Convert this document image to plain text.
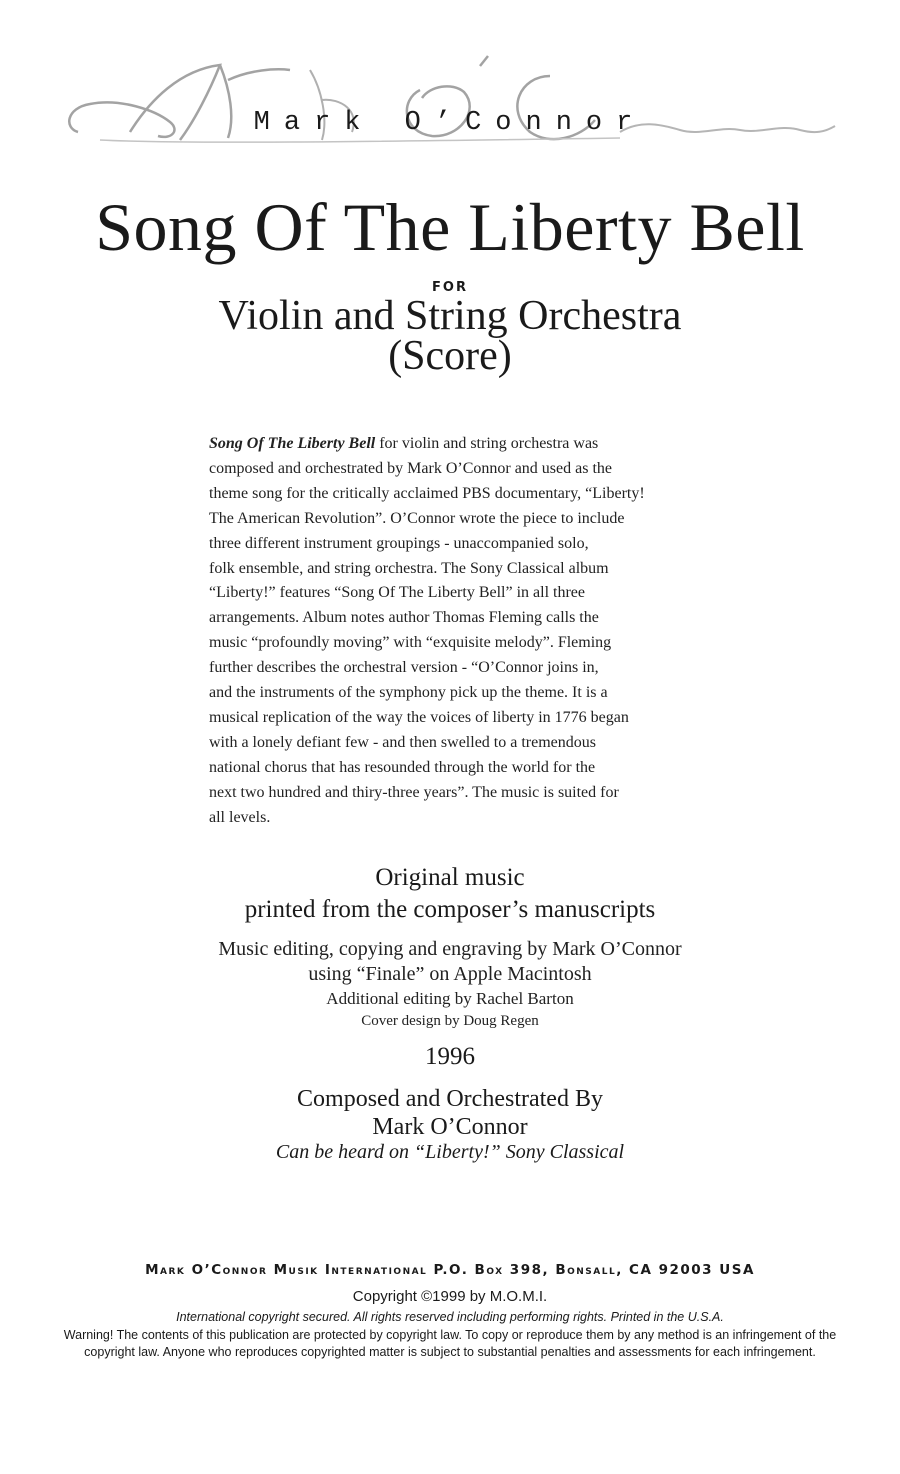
Mark O’Connor
Song Of The Liberty Bell
FOR
Violin and String Orchestra
(Score)

Song Of The Liberty Bell for violin and string orchestra was
composed and orchestrated by Mark O’Connor and used as the
theme song for the critically acclaimed PBS documentary, “Liberty!
The American Revolution”. O’Connor wrote the piece to include
three different instrument groupings - unaccompanied solo,
folk ensemble, and string orchestra. The Sony Classical album
“Liberty!” features “Song Of The Liberty Bell” in all three
arrangements. Album notes author Thomas Fleming calls the
music “profoundly moving” with “exquisite melody”. Fleming
further describes the orchestral version - “O’Connor joins in,
and the instruments of the symphony pick up the theme. It is a
musical replication of the way the voices of liberty in 1776 began
with a lonely defiant few - and then swelled to a tremendous
national chorus that has resounded through the world for the
next two hundred and thiry-three years”. The music is suited for
all levels.

Original music
printed from the composer’s manuscripts
Music editing, copying and engraving by Mark O’Connor
using “Finale” on Apple Macintosh
Additional editing by Rachel Barton
Cover design by Doug Regen
1996
Composed and Orchestrated By
Mark O’Connor
Can be heard on “Liberty!” Sony Classical
Mark O’Connor Musik International P.O. Box 398, Bonsall, CA 92003 USA
Copyright ©1999 by M.O.M.I.
International copyright secured. All rights reserved including performing rights. Printed in the U.S.A.

Warning! The contents of this publication are protected by copyright law. To copy or reproduce them by any method is an infringement of the copyright law. Anyone who reproduces copyrighted matter is subject to substantial penalties and assessments for each infringement.
